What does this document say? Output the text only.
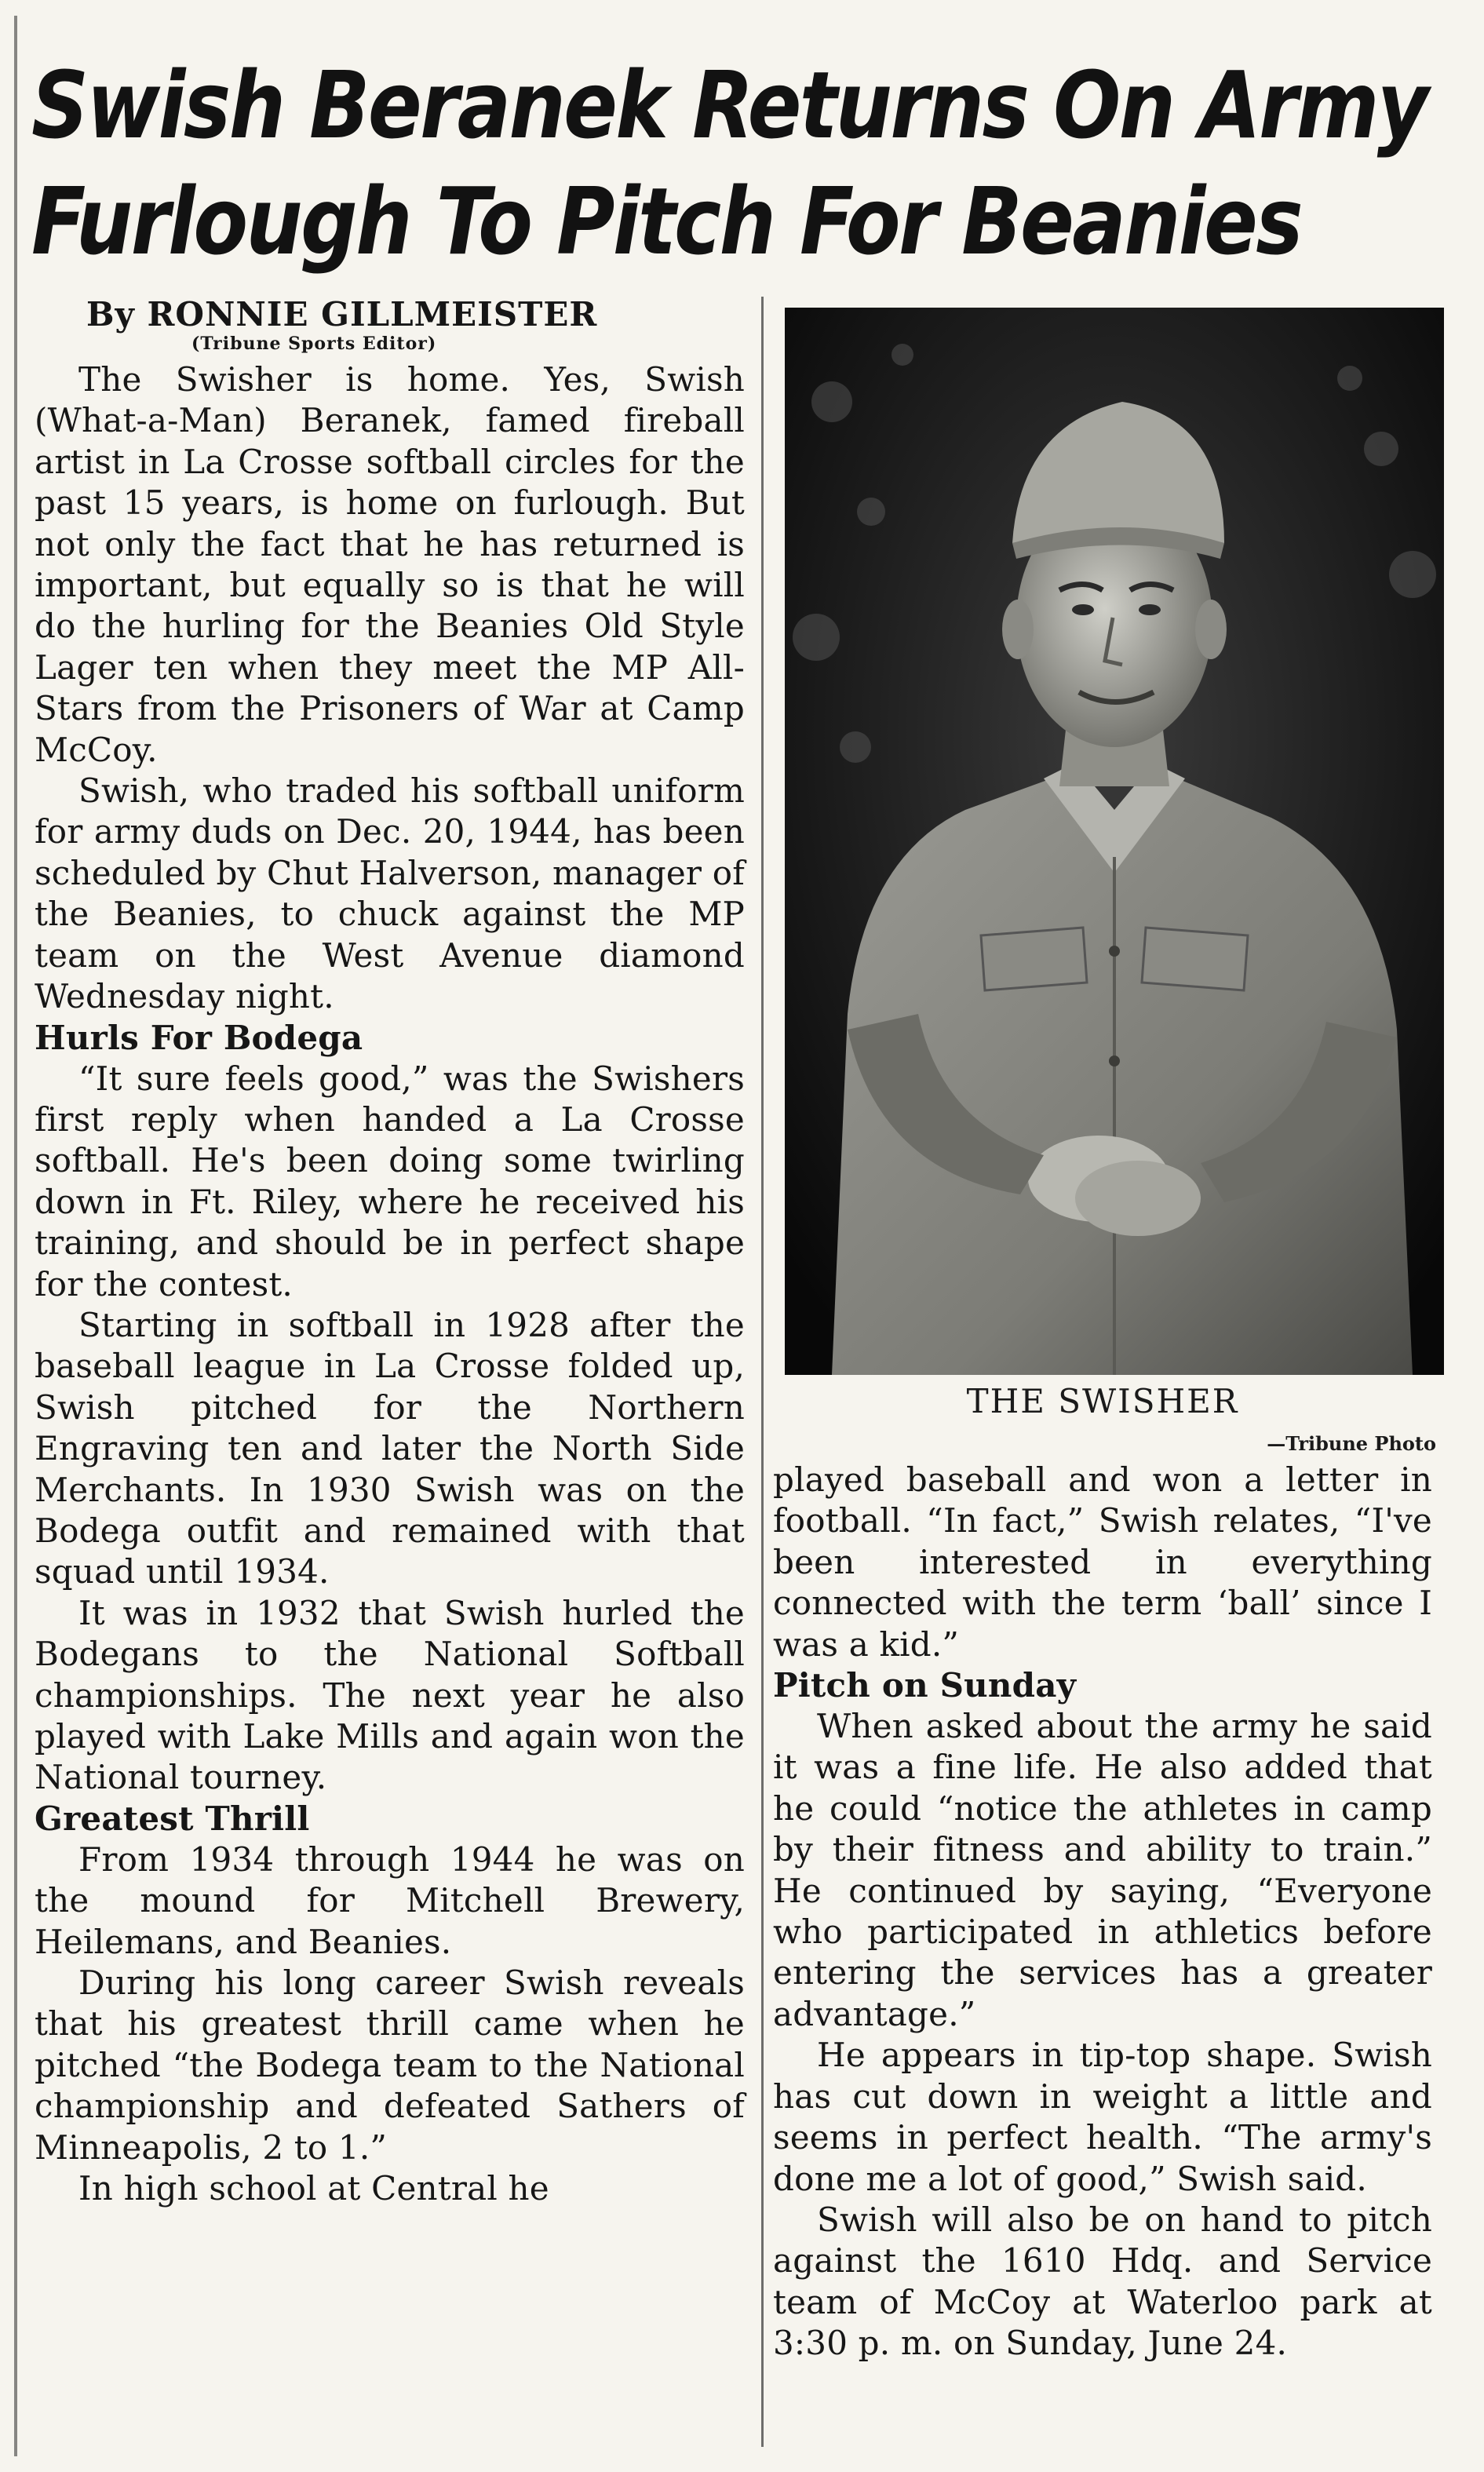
Swish Beranek Returns On Army
Furlough To Pitch For Beanies
By RONNIE GILLMEISTER
(Tribune Sports Editor)

The Swisher is home. Yes, Swish (What-a-Man) Beranek, famed fireball artist in La Crosse softball circles for the past 15 years, is home on furlough. But not only the fact that he has returned is important, but equally so is that he will do the hurling for the Beanies Old Style Lager ten when they meet the MP All-Stars from the Prisoners of War at Camp McCoy.

Swish, who traded his softball uniform for army duds on Dec. 20, 1944, has been scheduled by Chut Halverson, manager of the Beanies, to chuck against the MP team on the West Avenue diamond Wednesday night.

Hurls For Bodega

“It sure feels good,” was the Swishers first reply when handed a La Crosse softball. He's been doing some twirling down in Ft. Riley, where he received his training, and should be in perfect shape for the contest.

Starting in softball in 1928 after the baseball league in La Crosse folded up, Swish pitched for the Northern Engraving ten and later the North Side Merchants. In 1930 Swish was on the Bodega outfit and remained with that squad until 1934.

It was in 1932 that Swish hurled the Bodegans to the National Softball championships. The next year he also played with Lake Mills and again won the National tourney.

Greatest Thrill

From 1934 through 1944 he was on the mound for Mitchell Brewery, Heilemans, and Beanies.

During his long career Swish reveals that his greatest thrill came when he pitched “the Bodega team to the National championship and defeated Sathers of Minneapolis, 2 to 1.”

In high school at Central he

THE SWISHER
—Tribune Photo

played baseball and won a letter in football. “In fact,” Swish relates, “I've been interested in everything connected with the term ‘ball’ since I was a kid.”

Pitch on Sunday

When asked about the army he said it was a fine life. He also added that he could “notice the athletes in camp by their fitness and ability to train.” He continued by saying, “Everyone who participated in athletics before entering the services has a greater advantage.”

He appears in tip-top shape. Swish has cut down in weight a little and seems in perfect health. “The army's done me a lot of good,” Swish said.

Swish will also be on hand to pitch against the 1610 Hdq. and Service team of McCoy at Waterloo park at 3:30 p. m. on Sunday, June 24.
